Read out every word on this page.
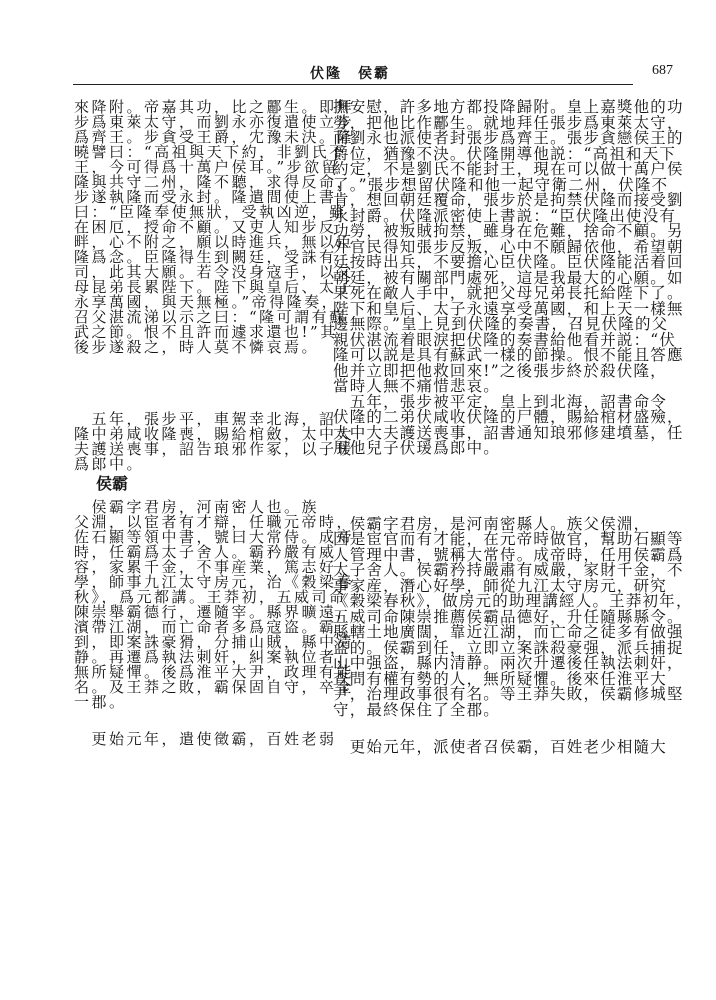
伏隆　侯霸	687
來降附。帝嘉其功，比之酈生。即拜
步爲東萊太守，而劉永亦復遣使立步
爲齊王。步貪受王爵，冘豫未決。隆
曉譬曰：“高祖與天下約，非劉氏不
王，今可得爲十萬户侯耳。”步欲留
隆與共守二州，隆不聽，求得反命，
步遂執隆而受永封。隆遣間使上書
曰：“臣隆奉使無狀，受執凶逆，雖
在困厄，授命不顧。又吏人知步反
畔，心不附之，願以時進兵，無以臣
隆爲念。臣隆得生到闕廷，受誅有
司，此其大願。若令没身寇手，以父
母昆弟長累陛下。陛下與皇后、太子
永享萬國，與天無極。”帝得隆奏，
召父湛流涕以示之曰：“隆可謂有蘇
武之節。恨不且許而遽求還也!”其
後步遂殺之，時人莫不憐哀焉。
　五年，張步平，車駕幸北海，詔
隆中弟咸收隆喪，賜給棺斂，太中大
夫護送喪事，詔告琅邪作冢，以子瑗
爲郎中。
侯霸
　侯霸字君房，河南密人也。族
父淵，以宦者有才辯，任職元帝時，
佐石顯等領中書，號曰大常侍。成帝
時，任霸爲太子舍人。霸矜嚴有威
容，家累千金，不事産業，篤志好
學，師事九江太守房元，治《穀梁春
秋》，爲元都講。王莽初，五威司命
陳崇舉霸德行，遷隨宰。縣界曠遠，
濱帶江湖，而亡命者多爲寇盗。霸
到，即案誅豪猾，分捕山賊，縣中清
静。再遷爲執法刺奸，糾案執位者，
無所疑憚。後爲淮平大尹，政理有能
名。及王莽之敗，霸保固自守，卒全
一郡。
　更始元年，遣使徵霸，百姓老弱
撫安慰，許多地方都投降歸附。皇上嘉獎他的功
勞，把他比作酈生。就地拜任張步爲東萊太守，
而劉永也派使者封張步爲齊王。張步貪戀侯王的
爵位，猶豫不決。伏隆開導他説：“高祖和天下
約定，不是劉氏不能封王，現在可以做十萬户侯
了。”張步想留伏隆和他一起守衛二州，伏隆不
肯，想回朝廷覆命，張步於是拘禁伏隆而接受劉
永封爵。伏隆派密使上書説：“臣伏隆出使没有
功勞，被叛賊拘禁，雖身在危難，捨命不顧。另
外官民得知張步反叛，心中不願歸依他，希望朝
廷按時出兵，不要擔心臣伏隆。臣伏隆能活着回
朝廷，被有關部門處死，這是我最大的心願。如
果死在敵人手中，就把父母兄弟長托給陛下了。
陛下和皇后、太子永遠享受萬國，和上天一樣無
邊無際。”皇上見到伏隆的奏書，召見伏隆的父
親伏湛流着眼淚把伏隆的奏書給他看并説：“伏
隆可以説是具有蘇武一樣的節操。恨不能且答應
他并立即把他救回來!”之後張步終於殺伏隆，
當時人無不痛惜悲哀。
　五年，張步被平定，皇上到北海，詔書命令
伏隆的二弟伏咸收伏隆的尸體，賜給棺材盛殮，
太中大夫護送喪事，詔書通知琅邪修建墳墓，任
用他兒子伏瑗爲郎中。
　侯霸字君房，是河南密縣人。族父侯淵，
因是宦官而有才能，在元帝時做官，幫助石顯等
人管理中書，號稱大常侍。成帝時，任用侯霸爲
太子舍人。侯霸矜持嚴肅有威嚴，家財千金，不
事家産，潛心好學，師從九江太守房元，研究
《穀梁春秋》，做房元的助理講經人。王莽初年，
五威司命陳崇推薦侯霸品德好，升任隨縣縣令。
縣轄土地廣闊，靠近江湖，而亡命之徒多有做强
盗的。侯霸到任，立即立案誅殺豪强，派兵捕捉
山中强盗，縣内清静。兩次升遷後任執法刺奸，
查問有權有勢的人，無所疑懼。後來任淮平大
尹，治理政事很有名。等王莽失敗，侯霸修城堅
守，最終保住了全郡。
　更始元年，派使者召侯霸，百姓老少相隨大
